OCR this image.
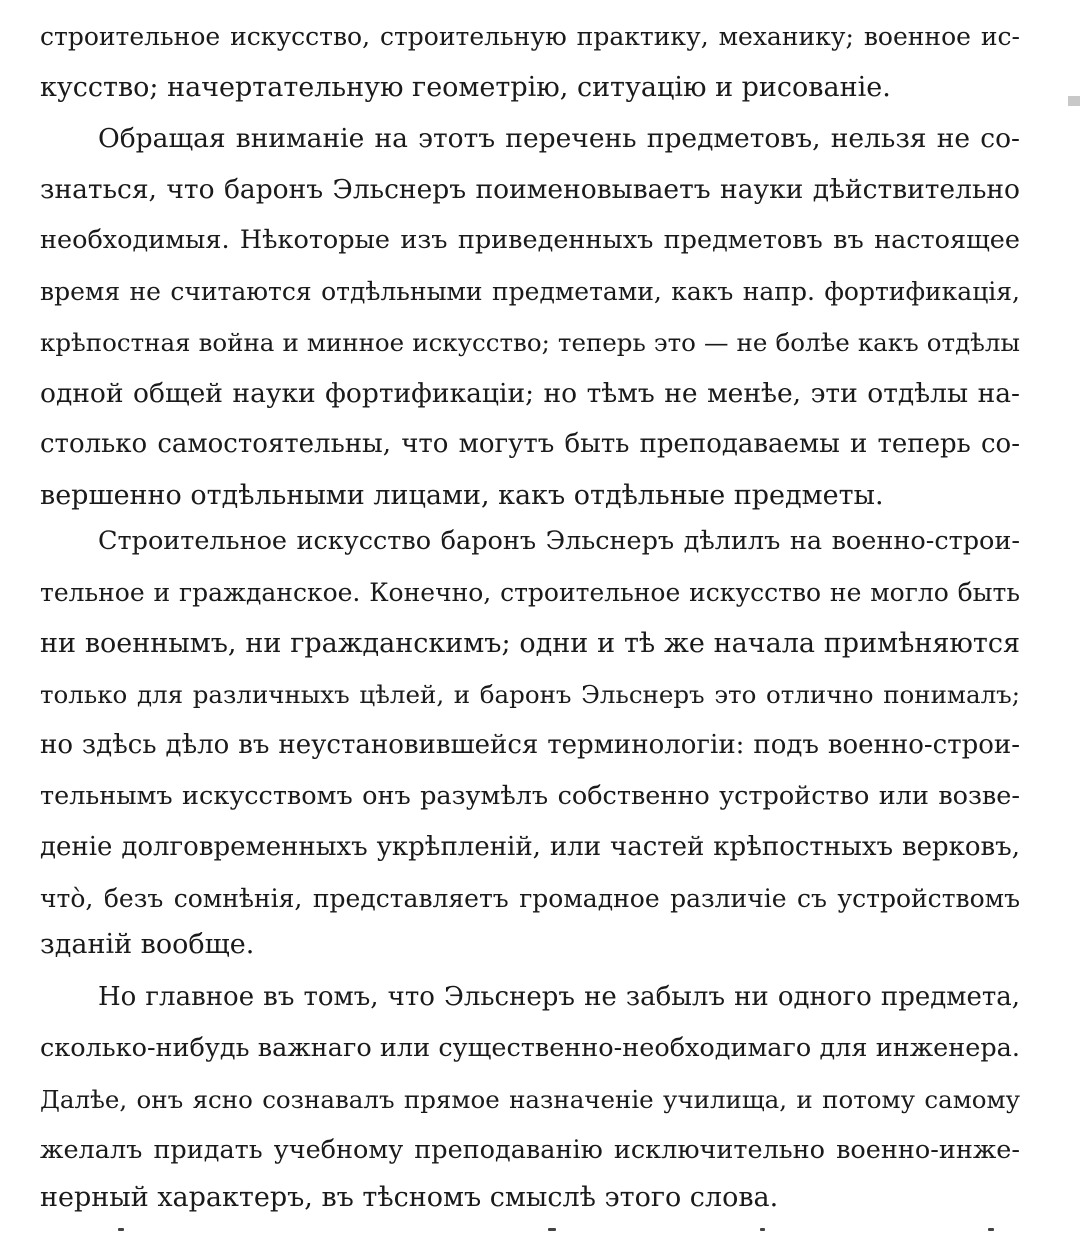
строительное искусство, строительную практику, механику; военное ис-
кусство; начертательную геометрію, ситуацію и рисованіе.
Обращая вниманіе на этотъ перечень предметовъ, нельзя не со-
знаться, что баронъ Эльснеръ поименовываетъ науки дѣйствительно
необходимыя. Нѣкоторые изъ приведенныхъ предметовъ въ настоящее
время не считаются отдѣльными предметами, какъ напр. фортификація,
крѣпостная война и минное искусство; теперь это — не болѣе какъ отдѣлы
одной общей науки фортификаціи; но тѣмъ не менѣе, эти отдѣлы на-
столько самостоятельны, что могутъ быть преподаваемы и теперь со-
вершенно отдѣльными лицами, какъ отдѣльные предметы.
Строительное искусство баронъ Эльснеръ дѣлилъ на военно-строи-
тельное и гражданское. Конечно, строительное искусство не могло быть
ни военнымъ, ни гражданскимъ; одни и тѣ же начала примѣняются
только для различныхъ цѣлей, и баронъ Эльснеръ это отлично понималъ;
но здѣсь дѣло въ неустановившейся терминологіи: подъ военно-строи-
тельнымъ искусствомъ онъ разумѣлъ собственно устройство или возве-
деніе долговременныхъ укрѣпленій, или частей крѣпостныхъ верковъ,
что̀, безъ сомнѣнія, представляетъ громадное различіе съ устройствомъ
зданій вообще.
Но главное въ томъ, что Эльснеръ не забылъ ни одного предмета,
сколько-нибудь важнаго или существенно-необходимаго для инженера.
Далѣе, онъ ясно сознавалъ прямое назначеніе училища, и потому самому
желалъ придать учебному преподаванію исключительно военно-инже-
нерный характеръ, въ тѣсномъ смыслѣ этого слова.
